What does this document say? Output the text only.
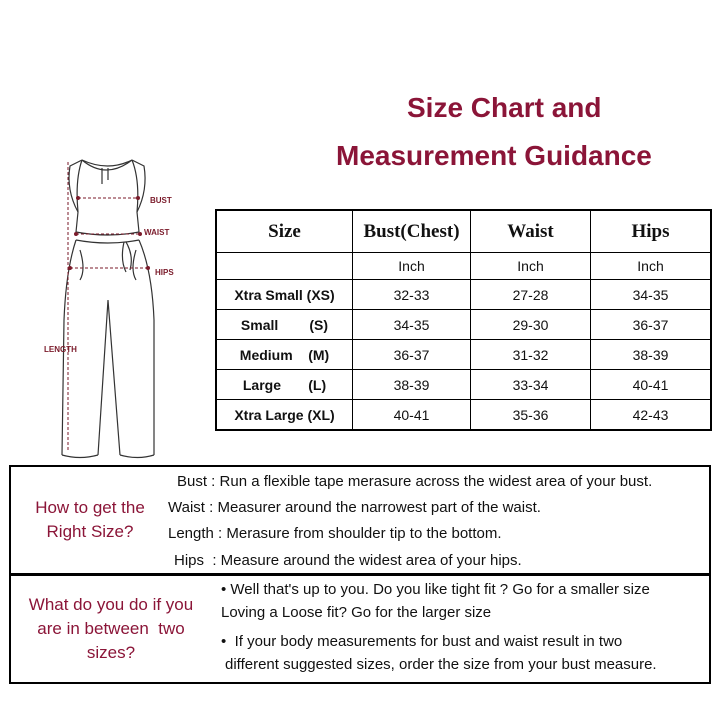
Size Chart and
Measurement Guidance
BUST
WAIST
HIPS
LENGTH
Size	Bust(Chest)	Waist	Hips
	Inch	Inch	Inch
Xtra Small (XS)	32-33	27-28	34-35
Small        (S)	34-35	29-30	36-37
Medium    (M)	36-37	31-32	38-39
Large       (L)	38-39	33-34	40-41
Xtra Large (XL)	40-41	35-36	42-43
How to get the
Right Size?
Bust : Run a flexible tape merasure across the widest area of your bust.
Waist : Measurer around the narrowest part of the waist.
Length : Merasure from shoulder tip to the bottom.
Hips  : Measure around the widest area of your hips.
What do you do if you
are in between  two
sizes?
• Well that's up to you. Do you like tight fit ? Go for a smaller size
Loving a Loose fit? Go for the larger size
•  If your body measurements for bust and waist result in two
different suggested sizes, order the size from your bust measure.
